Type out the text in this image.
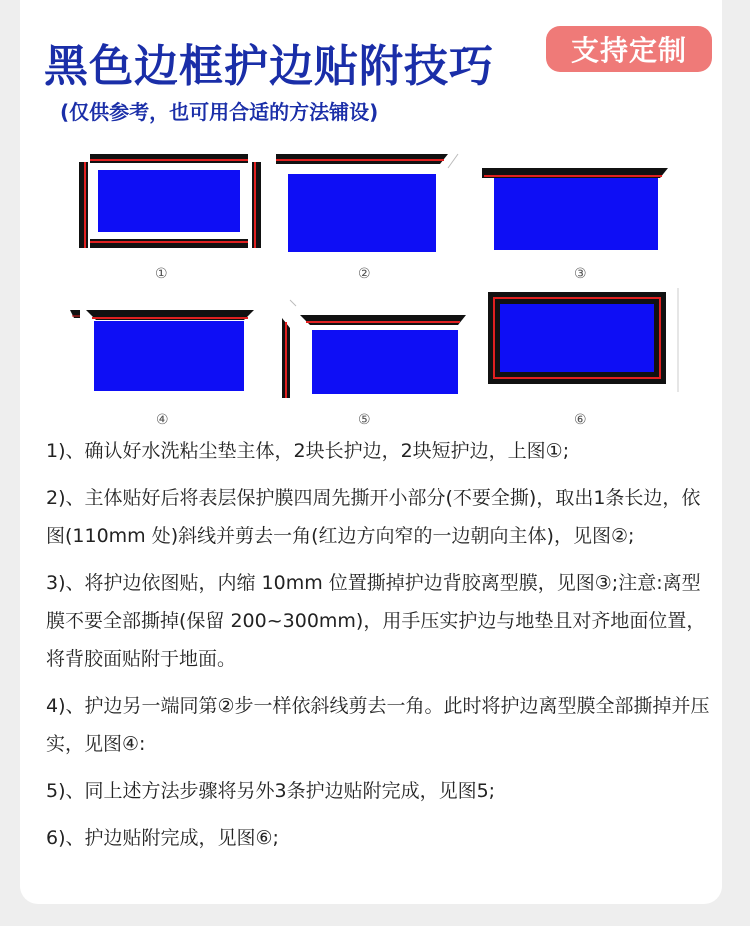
黑色边框护边贴附技巧	支持定制
(仅供参考，也可用合适的方法铺设)
①	②	③
④	⑤	⑥

1)、确认好水洗粘尘垫主体，2块长护边，2块短护边，上图①;

2)、主体贴好后将表层保护膜四周先撕开小部分(不要全撕)，取出1条长边，依图(110mm 处)斜线并剪去一角(红边方向窄的一边朝向主体)，见图②;

3)、将护边依图贴，内缩 10mm 位置撕掉护边背胶离型膜，见图③;注意:离型膜不要全部撕掉(保留 200~300mm)，用手压实护边与地垫且对齐地面位置，将背胶面贴附于地面。

4)、护边另一端同第②步一样依斜线剪去一角。此时将护边离型膜全部撕掉并压实，见图④:

5)、同上述方法步骤将另外3条护边贴附完成，见图5;

6)、护边贴附完成，见图⑥;
